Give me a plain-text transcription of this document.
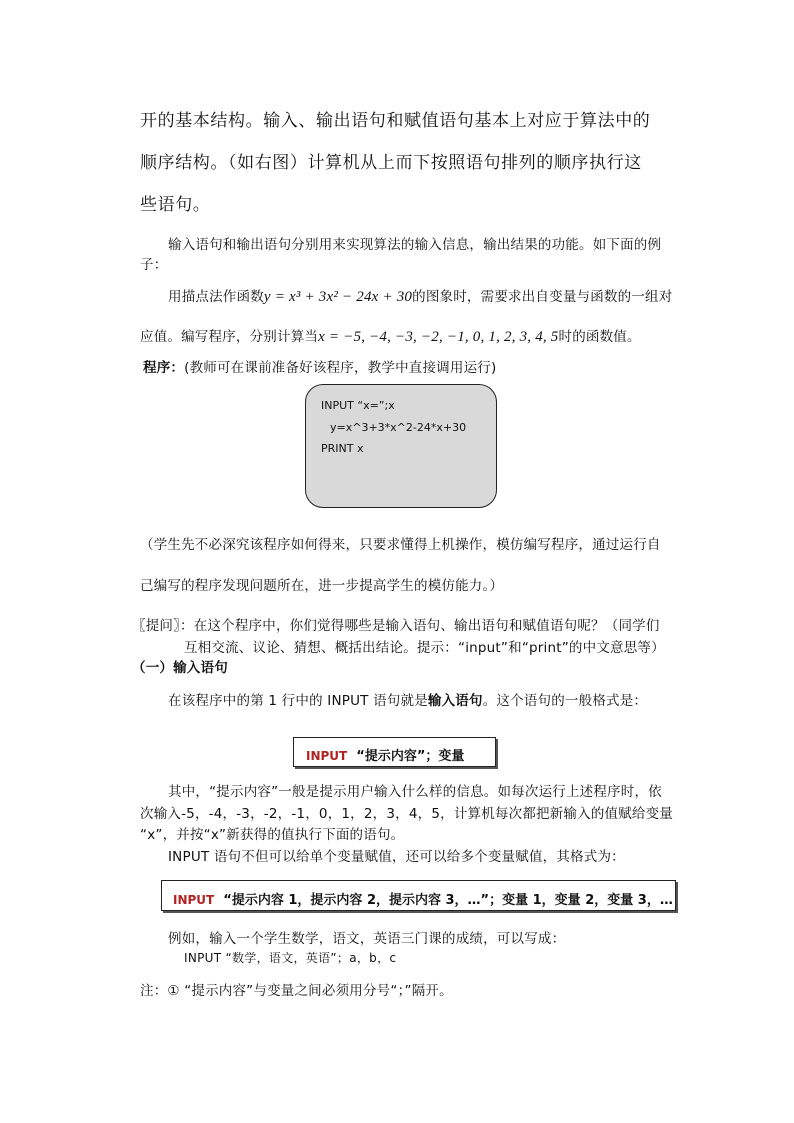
开的基本结构。输入、输出语句和赋值语句基本上对应于算法中的
顺序结构。（如右图）计算机从上而下按照语句排列的顺序执行这
些语句。
输入语句和输出语句分别用来实现算法的输入信息，输出结果的功能。如下面的例
子：
用描点法作函数y = x³ + 3x² − 24x + 30的图象时，需要求出自变量与函数的一组对
应值。编写程序，分别计算当x = −5, −4, −3, −2, −1, 0, 1, 2, 3, 4, 5时的函数值。
程序：(教师可在课前准备好该程序，教学中直接调用运行)
INPUT “x=”;x
y=x^3+3*x^2-24*x+30
PRINT x
（学生先不必深究该程序如何得来，只要求懂得上机操作，模仿编写程序，通过运行自
己编写的程序发现问题所在，进一步提高学生的模仿能力。）
〖提问〗：在这个程序中，你们觉得哪些是输入语句、输出语句和赋值语句呢？（同学们
互相交流、议论、猜想、概括出结论。提示：“input”和“print”的中文意思等）
（一）输入语句
在该程序中的第 1 行中的 INPUT 语句就是输入语句。这个语句的一般格式是：
INPUT “提示内容”；变量
其中，“提示内容”一般是提示用户输入什么样的信息。如每次运行上述程序时，依
次输入-5，-4，-3，-2，-1，0，1，2，3，4，5，计算机每次都把新输入的值赋给变量
“x”，并按“x”新获得的值执行下面的语句。
INPUT 语句不但可以给单个变量赋值，还可以给多个变量赋值，其格式为：
INPUT “提示内容 1，提示内容 2，提示内容 3，…”；变量 1，变量 2，变量 3，…
例如，输入一个学生数学，语文，英语三门课的成绩，可以写成：
INPUT “数学，语文，英语”；a，b，c
注：① “提示内容”与变量之间必须用分号“；”隔开。
